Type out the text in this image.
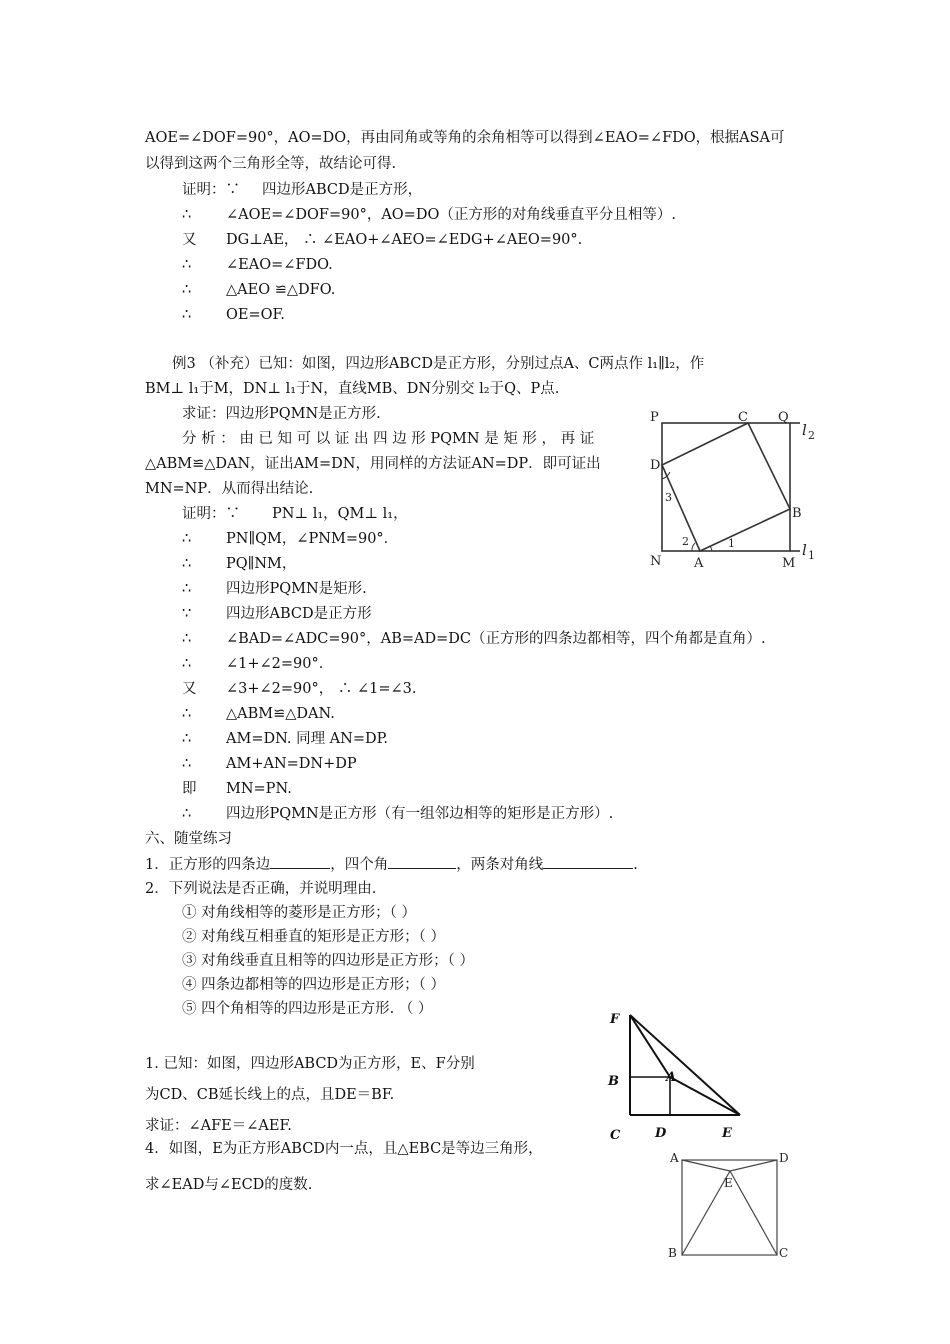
AOE=∠DOF=90°，AO=DO，再由同角或等角的余角相等可以得到∠EAO=∠FDO，根据ASA可
以得到这两个三角形全等，故结论可得.
证明：∵ 四边形ABCD是正方形，
∴ ∠AOE=∠DOF=90°，AO=DO（正方形的对角线垂直平分且相等）.
又 DG⊥AE， ∴ ∠EAO+∠AEO=∠EDG+∠AEO=90°.
∴ ∠EAO=∠FDO.
∴ △AEO ≌△DFO.
∴ OE=OF.
例3 （补充）已知：如图，四边形ABCD是正方形，分别过点A、C两点作 l₁∥l₂，作
BM⊥ l₁于M，DN⊥ l₁于N，直线MB、DN分别交 l₂于Q、P点.
求证：四边形PQMN是正方形.
分 析 ： 由 已 知 可 以 证 出 四 边 形 PQMN 是 矩 形 ， 再 证
△ABM≌△DAN，证出AM=DN，用同样的方法证AN=DP．即可证出
MN=NP．从而得出结论.
证明：∵ PN⊥ l₁，QM⊥ l₁，
∴ PN∥QM，∠PNM=90°．
∴ PQ∥NM，
∴ 四边形PQMN是矩形.
∵ 四边形ABCD是正方形
∴ ∠BAD=∠ADC=90°，AB=AD=DC（正方形的四条边都相等，四个角都是直角）.
∴ ∠1+∠2=90°．
又 ∠3+∠2=90°， ∴ ∠1=∠3.
∴ △ABM≌△DAN.
∴ AM=DN. 同理 AN=DP.
∴ AM+AN=DN+DP
即 MN=PN.
∴ 四边形PQMN是正方形（有一组邻边相等的矩形是正方形）.
六、随堂练习
1．正方形的四条边	，四个角	，两条对角线	.
2．下列说法是否正确，并说明理由.
① 对角线相等的菱形是正方形；（ ）
② 对角线互相垂直的矩形是正方形；（ ）
③ 对角线垂直且相等的四边形是正方形；（ ）
④ 四条边都相等的四边形是正方形；（ ）
⑤ 四个角相等的四边形是正方形. （ ）
1. 已知：如图，四边形ABCD为正方形，E、F分别
为CD、CB延长线上的点，且DE＝BF.
求证：∠AFE＝∠AEF.
4．如图，E为正方形ABCD内一点，且△EBC是等边三角形，
求∠EAD与∠ECD的度数.
P	C Q
l 2
D
3
B
2	1
N	A	M
l 1
F
B	A
C	D	E
A	D
E
B	C
